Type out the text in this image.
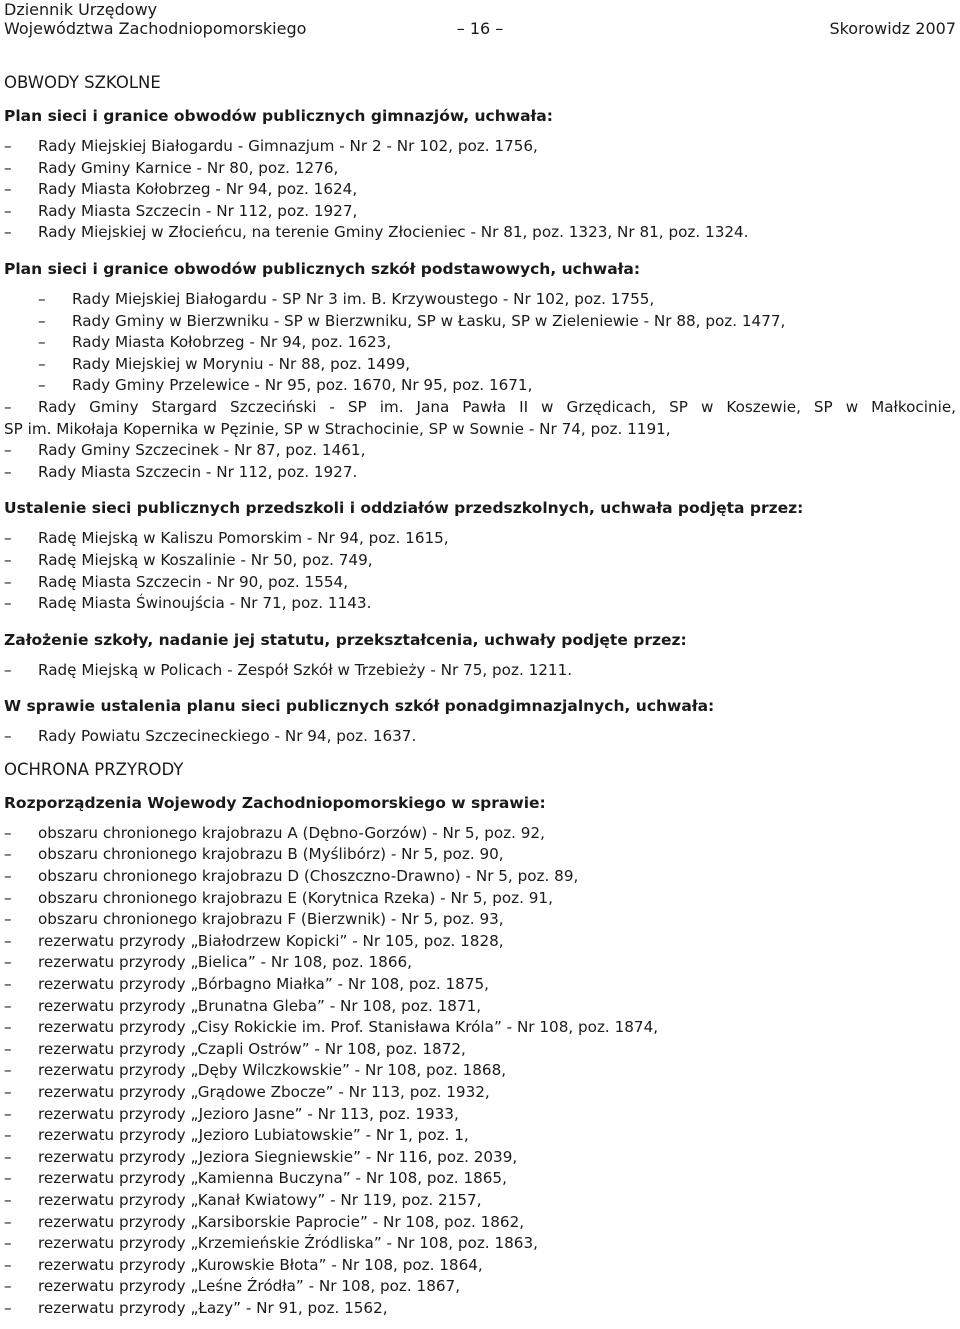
Dziennik Urzędowy
Województwa Zachodniopomorskiego	– 16 –	Skorowidz 2007
OBWODY SZKOLNE
Plan sieci i granice obwodów publicznych gimnazjów, uchwała:
– Rady Miejskiej Białogardu - Gimnazjum - Nr 2 - Nr 102, poz. 1756,
– Rady Gminy Karnice - Nr 80, poz. 1276,
– Rady Miasta Kołobrzeg - Nr 94, poz. 1624,
– Rady Miasta Szczecin - Nr 112, poz. 1927,
– Rady Miejskiej w Złocieńcu, na terenie Gminy Złocieniec - Nr 81, poz. 1323, Nr 81, poz. 1324.
Plan sieci i granice obwodów publicznych szkół podstawowych, uchwała:
– Rady Miejskiej Białogardu - SP Nr 3 im. B. Krzywoustego - Nr 102, poz. 1755,
– Rady Gminy w Bierzwniku - SP w Bierzwniku, SP w Łasku, SP w Zieleniewie - Nr 88, poz. 1477,
– Rady Miasta Kołobrzeg - Nr 94, poz. 1623,
– Rady Miejskiej w Moryniu - Nr 88, poz. 1499,
– Rady Gminy Przelewice - Nr 95, poz. 1670, Nr 95, poz. 1671,
– Rady Gminy Stargard Szczeciński - SP im. Jana Pawła II w Grzędicach, SP w Koszewie, SP w Małkocinie,
SP im. Mikołaja Kopernika w Pęzinie, SP w Strachocinie, SP w Sownie - Nr 74, poz. 1191,
– Rady Gminy Szczecinek - Nr 87, poz. 1461,
– Rady Miasta Szczecin - Nr 112, poz. 1927.
Ustalenie sieci publicznych przedszkoli i oddziałów przedszkolnych, uchwała podjęta przez:
– Radę Miejską w Kaliszu Pomorskim - Nr 94, poz. 1615,
– Radę Miejską w Koszalinie - Nr 50, poz. 749,
– Radę Miasta Szczecin - Nr 90, poz. 1554,
– Radę Miasta Świnoujścia - Nr 71, poz. 1143.
Założenie szkoły, nadanie jej statutu, przekształcenia, uchwały podjęte przez:
– Radę Miejską w Policach - Zespół Szkół w Trzebieży - Nr 75, poz. 1211.
W sprawie ustalenia planu sieci publicznych szkół ponadgimnazjalnych, uchwała:
– Rady Powiatu Szczecineckiego - Nr 94, poz. 1637.
OCHRONA PRZYRODY
Rozporządzenia Wojewody Zachodniopomorskiego w sprawie:
– obszaru chronionego krajobrazu A (Dębno-Gorzów) - Nr 5, poz. 92,
– obszaru chronionego krajobrazu B (Myślibórz) - Nr 5, poz. 90,
– obszaru chronionego krajobrazu D (Choszczno-Drawno) - Nr 5, poz. 89,
– obszaru chronionego krajobrazu E (Korytnica Rzeka) - Nr 5, poz. 91,
– obszaru chronionego krajobrazu F (Bierzwnik) - Nr 5, poz. 93,
– rezerwatu przyrody „Białodrzew Kopicki” - Nr 105, poz. 1828,
– rezerwatu przyrody „Bielica” - Nr 108, poz. 1866,
– rezerwatu przyrody „Bórbagno Miałka” - Nr 108, poz. 1875,
– rezerwatu przyrody „Brunatna Gleba” - Nr 108, poz. 1871,
– rezerwatu przyrody „Cisy Rokickie im. Prof. Stanisława Króla” - Nr 108, poz. 1874,
– rezerwatu przyrody „Czapli Ostrów” - Nr 108, poz. 1872,
– rezerwatu przyrody „Dęby Wilczkowskie” - Nr 108, poz. 1868,
– rezerwatu przyrody „Grądowe Zbocze” - Nr 113, poz. 1932,
– rezerwatu przyrody „Jezioro Jasne” - Nr 113, poz. 1933,
– rezerwatu przyrody „Jezioro Lubiatowskie” - Nr 1, poz. 1,
– rezerwatu przyrody „Jeziora Siegniewskie” - Nr 116, poz. 2039,
– rezerwatu przyrody „Kamienna Buczyna” - Nr 108, poz. 1865,
– rezerwatu przyrody „Kanał Kwiatowy” - Nr 119, poz. 2157,
– rezerwatu przyrody „Karsiborskie Paprocie” - Nr 108, poz. 1862,
– rezerwatu przyrody „Krzemieńskie Źródliska” - Nr 108, poz. 1863,
– rezerwatu przyrody „Kurowskie Błota” - Nr 108, poz. 1864,
– rezerwatu przyrody „Leśne Źródła” - Nr 108, poz. 1867,
– rezerwatu przyrody „Łazy” - Nr 91, poz. 1562,
